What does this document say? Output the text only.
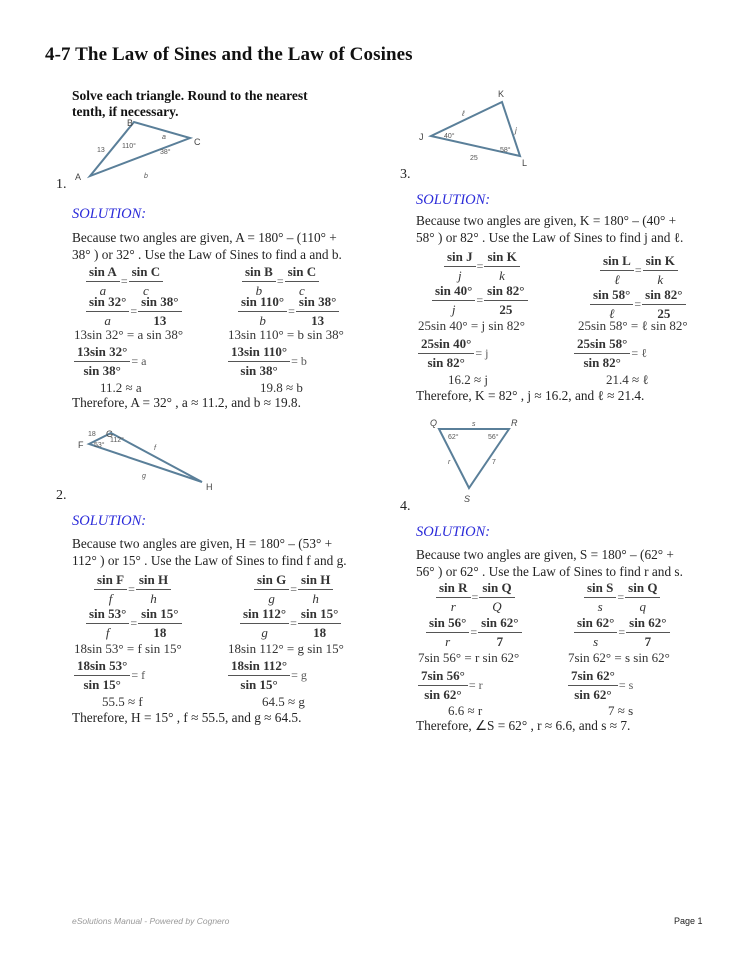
4-7 The Law of Sines and the Law of Cosines
Solve each triangle. Round to the nearest tenth, if necessary.
B
A
C
13
a
b
110°
38°
1.
SOLUTION:
Because two angles are given, A = 180° – (110° +
38° ) or 32° . Use the Law of Sines to find a and b.
$\frac{\text{sin A}}{a} = \frac{\text{sin C}}{c}$
$\frac{\sin 32^\circ}{a} = \frac{\sin 38^\circ}{13}$
13sin 32° = a sin 38°
$\frac{13\sin 32^\circ}{\sin 38^\circ} = a$
11.2 ≈ a
$\frac{\text{sin B}}{b} = \frac{\text{sin C}}{c}$
$\frac{\sin 110^\circ}{b} = \frac{\sin 38^\circ}{13}$
13sin 110° = b sin 38°
$\frac{13\sin 110^\circ}{\sin 38^\circ} = b$
19.8 ≈ b
Therefore, A = 32° , a ≈ 11.2, and b ≈ 19.8.
K
J
L
ℓ
j
25
40°
58°
3.
SOLUTION:
Because two angles are given, K = 180° – (40° +
58° ) or 82° . Use the Law of Sines to find j and ℓ.
$\frac{\text{sin J}}{j} = \frac{\text{sin K}}{k}$
$\frac{\sin 40^\circ}{j} = \frac{\sin 82^\circ}{25}$
25sin 40° = j sin 82°
$\frac{25\sin 40^\circ}{\sin 82^\circ} = j$
16.2 ≈ j
$\frac{\text{sin L}}{\text{ℓ}} = \frac{\text{sin K}}{k}$
$\frac{\sin 58^\circ}{\text{ℓ}} = \frac{\sin 82^\circ}{25}$
25sin 58° = ℓ sin 82°
$\frac{25\sin 58^\circ}{\sin 82^\circ}$ = ℓ
21.4 ≈ ℓ
Therefore, K = 82° , j ≈ 16.2, and ℓ ≈ 21.4.
G
F
H
18
f
g
112°
53°
2.
SOLUTION:
Because two angles are given, H = 180° – (53° +
112° ) or 15° . Use the Law of Sines to find f and g.
$\frac{\text{sin F}}{f} = \frac{\text{sin H}}{h}$
$\frac{\sin 53^\circ}{f} = \frac{\sin 15^\circ}{18}$
18sin 53° = f sin 15°
$\frac{18\sin 53^\circ}{\sin 15^\circ} = f$
55.5 ≈ f
$\frac{\text{sin G}}{g} = \frac{\text{sin H}}{h}$
$\frac{\sin 112^\circ}{g} = \frac{\sin 15^\circ}{18}$
18sin 112° = g sin 15°
$\frac{18\sin 112^\circ}{\sin 15^\circ} = g$
64.5 ≈ g
Therefore, H = 15° , f ≈ 55.5, and g ≈ 64.5.
Q	R
S
s
r	7
62°	56°
4.
SOLUTION:
Because two angles are given, S = 180° – (62° +
56° ) or 62° . Use the Law of Sines to find r and s.
$\frac{\text{sin R}}{r} = \frac{\text{sin Q}}{Q}$
$\frac{\sin 56^\circ}{r} = \frac{\sin 62^\circ}{7}$
7sin 56° = r sin 62°
$\frac{7\sin 56^\circ}{\sin 62^\circ} = r$
6.6 ≈ r
$\frac{\text{sin S}}{s} = \frac{\text{sin Q}}{q}$
$\frac{\sin 62^\circ}{s} = \frac{\sin 62^\circ}{7}$
7sin 62° = s sin 62°
$\frac{7\sin 62^\circ}{\sin 62^\circ} = s$
7 ≈ s
Therefore, ∠S = 62° , r ≈ 6.6, and s ≈ 7.
eSolutions Manual - Powered by Cognero	Page 1
